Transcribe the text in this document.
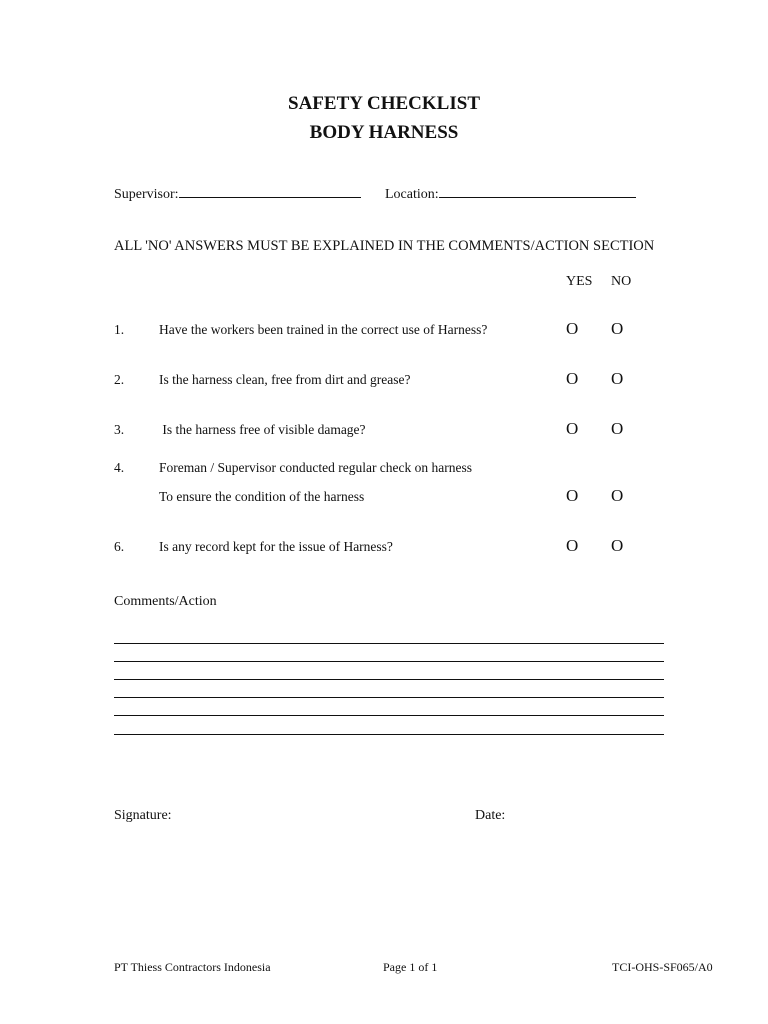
SAFETY CHECKLIST
BODY HARNESS
Supervisor:	Location:
ALL 'NO' ANSWERS MUST BE EXPLAINED IN THE COMMENTS/ACTION SECTION
YES NO
1.	Have the workers been trained in the correct use of Harness?	O O
2.	Is the harness clean, free from dirt and grease?	O O
3.	Is the harness free of visible damage?	O O
4.	Foreman / Supervisor conducted regular check on harness
To ensure the condition of the harness	O O
6.	Is any record kept for the issue of Harness?	O O
Comments/Action
Signature:	Date:
PT Thiess Contractors Indonesia	Page 1 of 1	TCI-OHS-SF065/A0
